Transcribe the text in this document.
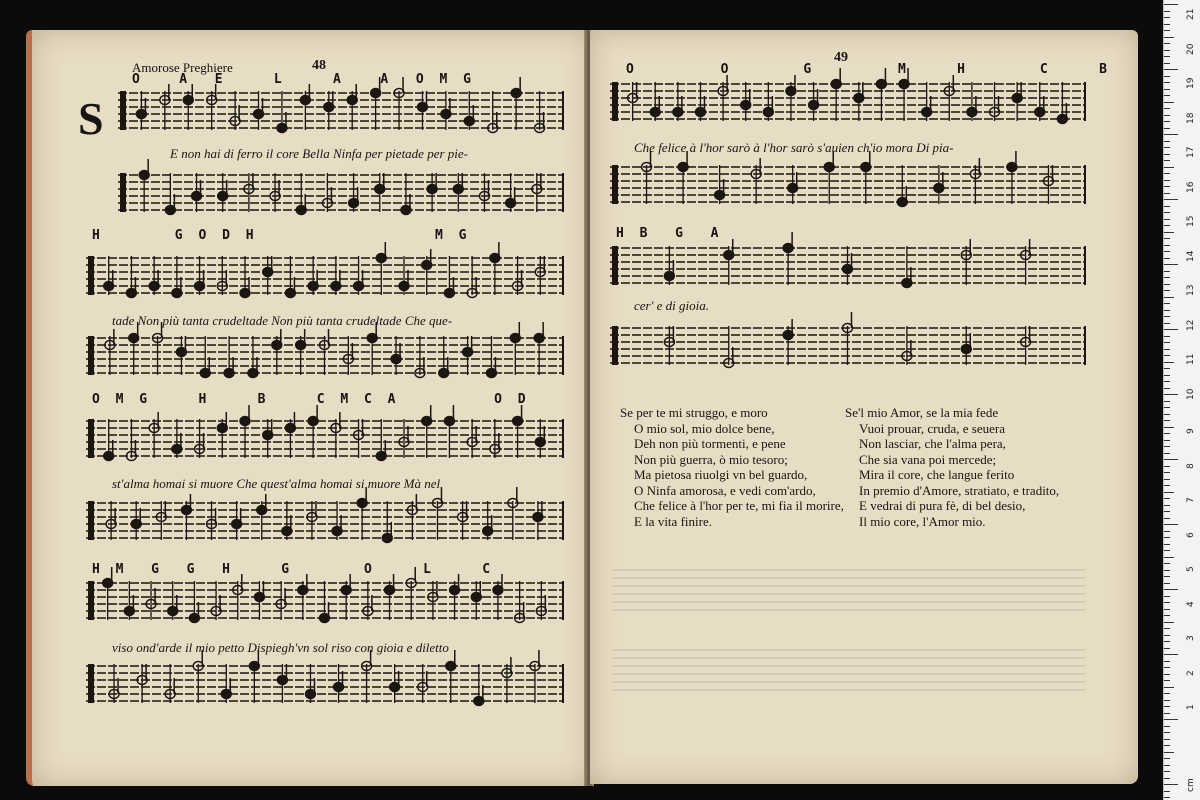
21
20
19
18
17
16
15
14
13
12
11
10
9
8
7
6
5
4
3
2
1
cm
Amorose Preghiere	48
S
49
O   A  E    L    A   A  O M G
H      G O D H               M G
O M G    H    B    C M C A        O D
H M  G  G  H    G      O    L    C
E non hai di ferro il core Bella Ninfa per pietade per pie-
tade Non più tanta crudeltade Non più tanta crudeltade Che que-
st'alma homai si muore Che quest'alma homai si muore Mà nel
viso ond'arde il mio petto Dispiegh'vn sol riso con gioia e diletto
O       O      G       M    H      C    B
H B  G  A
Che felice à l'hor sarò à l'hor sarò s'auien ch'io mora Di pia-
cer' e di gioia.
Se per te mi struggo, e moro
O mio sol, mio dolce bene,
Deh non più tormenti, e pene
Non più guerra, ò mio tesoro;
Ma pietosa riuolgi vn bel guardo,
O Ninfa amorosa, e vedi com'ardo,
Che felice à l'hor per te, mi fia il morire,
E la vita finire.
Se'l mio Amor, se la mia fede
Vuoi prouar, cruda, e seuera
Non lasciar, che l'alma pera,
Che sia vana poi mercede;
Mira il core, che langue ferito
In premio d'Amore, stratiato, e tradito,
E vedrai di pura fè, di bel desio,
Il mio core, l'Amor mio.
